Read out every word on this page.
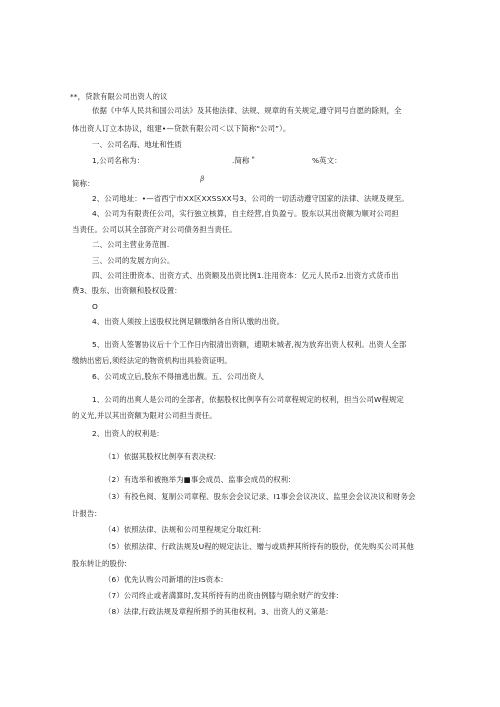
**，贷款有限公司出资人的议
依据《中华人民共和国公司法》及其他法律、法规、规章的有关规定,遵守同号自愿的除则，全
体出资人订立本协议，组建•—贷款有限公司＜以下简称“公司”）。
一、公司名海、地址和性质
1,公司名称为：	.简称＂	%英文：
简称：	β
2、公司地址：•—省西宁市XX区XXSSXX号3、公司的一切活动遵守国家的法律、法规及规至。
4、公司为有限责任公司，实行独立核算，自主经营,自负盈亏。股东以其出资额为顺对公司担
当责任。公司以其全部资产对公司债务担当责任。
二、公司主营业务范围.
三、公司的发展方向公。
四、公司注册资本、出资方式、出资额及出资比例1.注用资本：亿元人民币2.出资方式货币出
费3、股东、出资额和股权设置：
O
4、出资人须按上送股权比例足额缴纳各自所认缴的出资。
5、出资人签署协议后十个工作日内银清出资额，逋期未城者,视为放弃出资人权利。出资人全部
缴纳出密后,须经法定的物资机构出具验资证明。
6、公司成立后,股东不得抽逃出馥。五、公司出资人
1、公司的出爽人是公司的全部者，依据股权比例享有公司章程规定的权利，担当公司W程规定
的义光,并以其出资额为限对公司担当责任。
2、出资人的权利是:
（1）依据其股权比例享有表决权:
（2）有选举和被拖举为■事会成员、监事会成员的权利:
（3）有投色阅、复制公司章程、股东会会议记录、I1事会会议决议、监里会会议决议和财务会
计报告:
（4）依照法律、法规和公司里程规定分取红利:
（5）依照法律、行政法规及U程的规定法让、赠与或质押其所持有的股份，优先购买公司其他
股东转让的股份:
（6）优先认购公司新增的注IS资本:
（7）公司终止或者満算时,发其所持有的出资由例膝与期余财产的安排:
（8）法律,行政法规及章程所照予的其他权利。3、出资人的义第是:
